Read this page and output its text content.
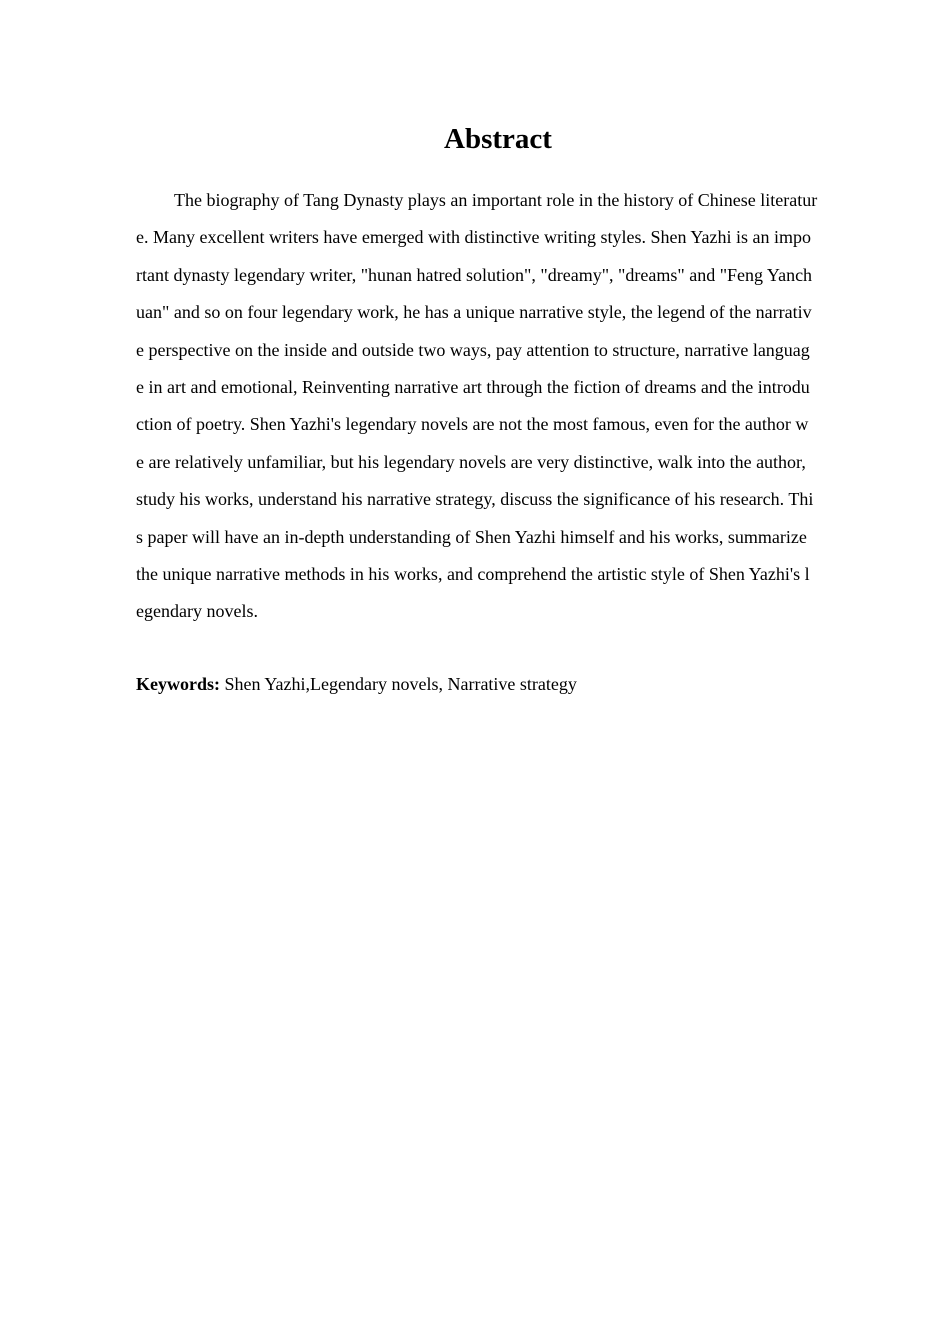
Abstract
The biography of Tang Dynasty plays an important role in the history of Chinese literatur
e. Many excellent writers have emerged with distinctive writing styles. Shen Yazhi is an impo
rtant dynasty legendary writer, "hunan hatred solution", "dreamy", "dreams" and "Feng Yanch
uan" and so on four legendary work, he has a unique narrative style, the legend of the narrativ
e perspective on the inside and outside two ways, pay attention to structure, narrative languag
e in art and emotional, Reinventing narrative art through the fiction of dreams and the introdu
ction of poetry. Shen Yazhi's legendary novels are not the most famous, even for the author w
e are relatively unfamiliar, but his legendary novels are very distinctive, walk into the author,
study his works, understand his narrative strategy, discuss the significance of his research. Thi
s paper will have an in-depth understanding of Shen Yazhi himself and his works, summarize
the unique narrative methods in his works, and comprehend the artistic style of Shen Yazhi's l
egendary novels.
Keywords: Shen Yazhi,Legendary novels, Narrative strategy
